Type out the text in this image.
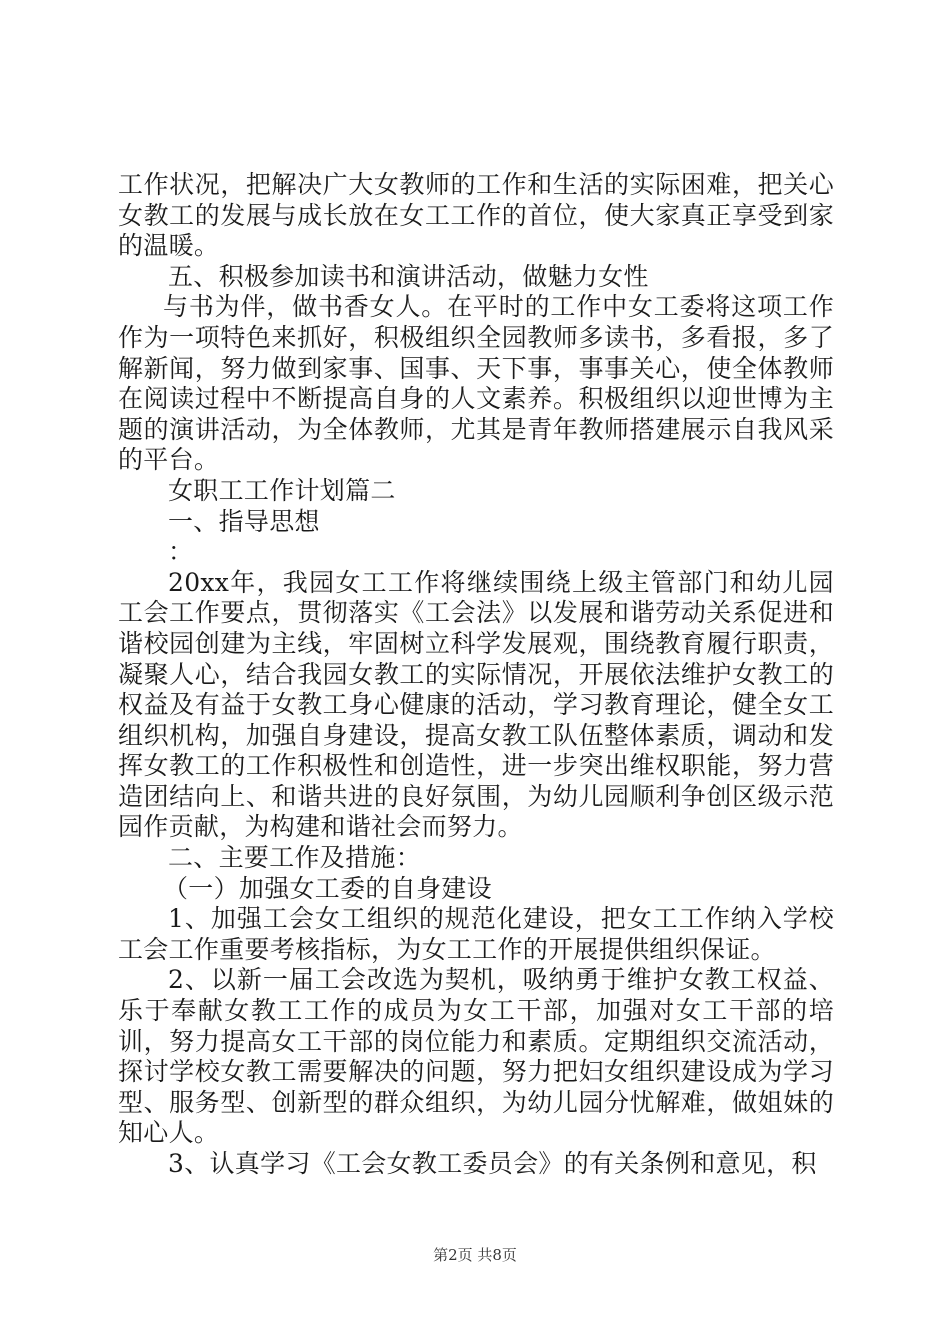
工作状况，把解决广大女教师的工作和生活的实际困难，把关心女教工的发展与成长放在女工工作的首位，使大家真正享受到家的温暖。

五、积极参加读书和演讲活动，做魅力女性

与书为伴，做书香女人。在平时的工作中女工委将这项工作作为一项特色来抓好，积极组织全园教师多读书，多看报，多了解新闻，努力做到家事、国事、天下事，事事关心，使全体教师在阅读过程中不断提高自身的人文素养。积极组织以迎世博为主题的演讲活动，为全体教师，尤其是青年教师搭建展示自我风采的平台。

女职工工作计划篇二

一、指导思想

：

20xx年，我园女工工作将继续围绕上级主管部门和幼儿园工会工作要点，贯彻落实《工会法》以发展和谐劳动关系促进和谐校园创建为主线，牢固树立科学发展观，围绕教育履行职责，凝聚人心，结合我园女教工的实际情况，开展依法维护女教工的权益及有益于女教工身心健康的活动，学习教育理论，健全女工组织机构，加强自身建设，提高女教工队伍整体素质，调动和发挥女教工的工作积极性和创造性，进一步突出维权职能，努力营造团结向上、和谐共进的良好氛围，为幼儿园顺利争创区级示范园作贡献，为构建和谐社会而努力。

二、主要工作及措施：

（一）加强女工委的自身建设

1、加强工会女工组织的规范化建设，把女工工作纳入学校工会工作重要考核指标，为女工工作的开展提供组织保证。

2、以新一届工会改选为契机，吸纳勇于维护女教工权益、乐于奉献女教工工作的成员为女工干部，加强对女工干部的培训，努力提高女工干部的岗位能力和素质。定期组织交流活动，探讨学校女教工需要解决的问题，努力把妇女组织建设成为学习型、服务型、创新型的群众组织，为幼儿园分忧解难，做姐妹的知心人。

3、认真学习《工会女教工委员会》的有关条例和意见，积

第2页 共8页
